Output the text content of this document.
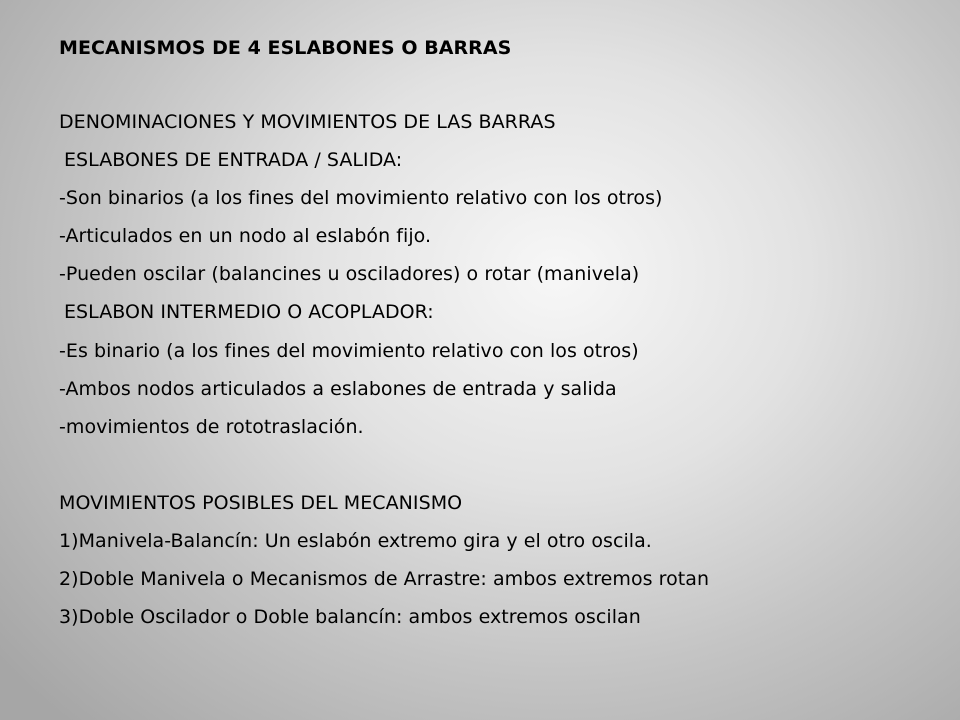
MECANISMOS DE 4 ESLABONES O BARRAS
DENOMINACIONES Y MOVIMIENTOS DE LAS BARRAS
ESLABONES DE ENTRADA / SALIDA:
-Son binarios (a los fines del movimiento relativo con los otros)
-Articulados en un nodo al eslabón fijo.
-Pueden oscilar (balancines u osciladores) o rotar (manivela)
ESLABON INTERMEDIO O ACOPLADOR:
-Es binario (a los fines del movimiento relativo con los otros)
-Ambos nodos articulados a eslabones de entrada y salida
-movimientos de rototraslación.
MOVIMIENTOS POSIBLES DEL MECANISMO
1)Manivela-Balancín: Un eslabón extremo gira y el otro oscila.
2)Doble Manivela o Mecanismos de Arrastre: ambos extremos rotan
3)Doble Oscilador o Doble balancín: ambos extremos oscilan
